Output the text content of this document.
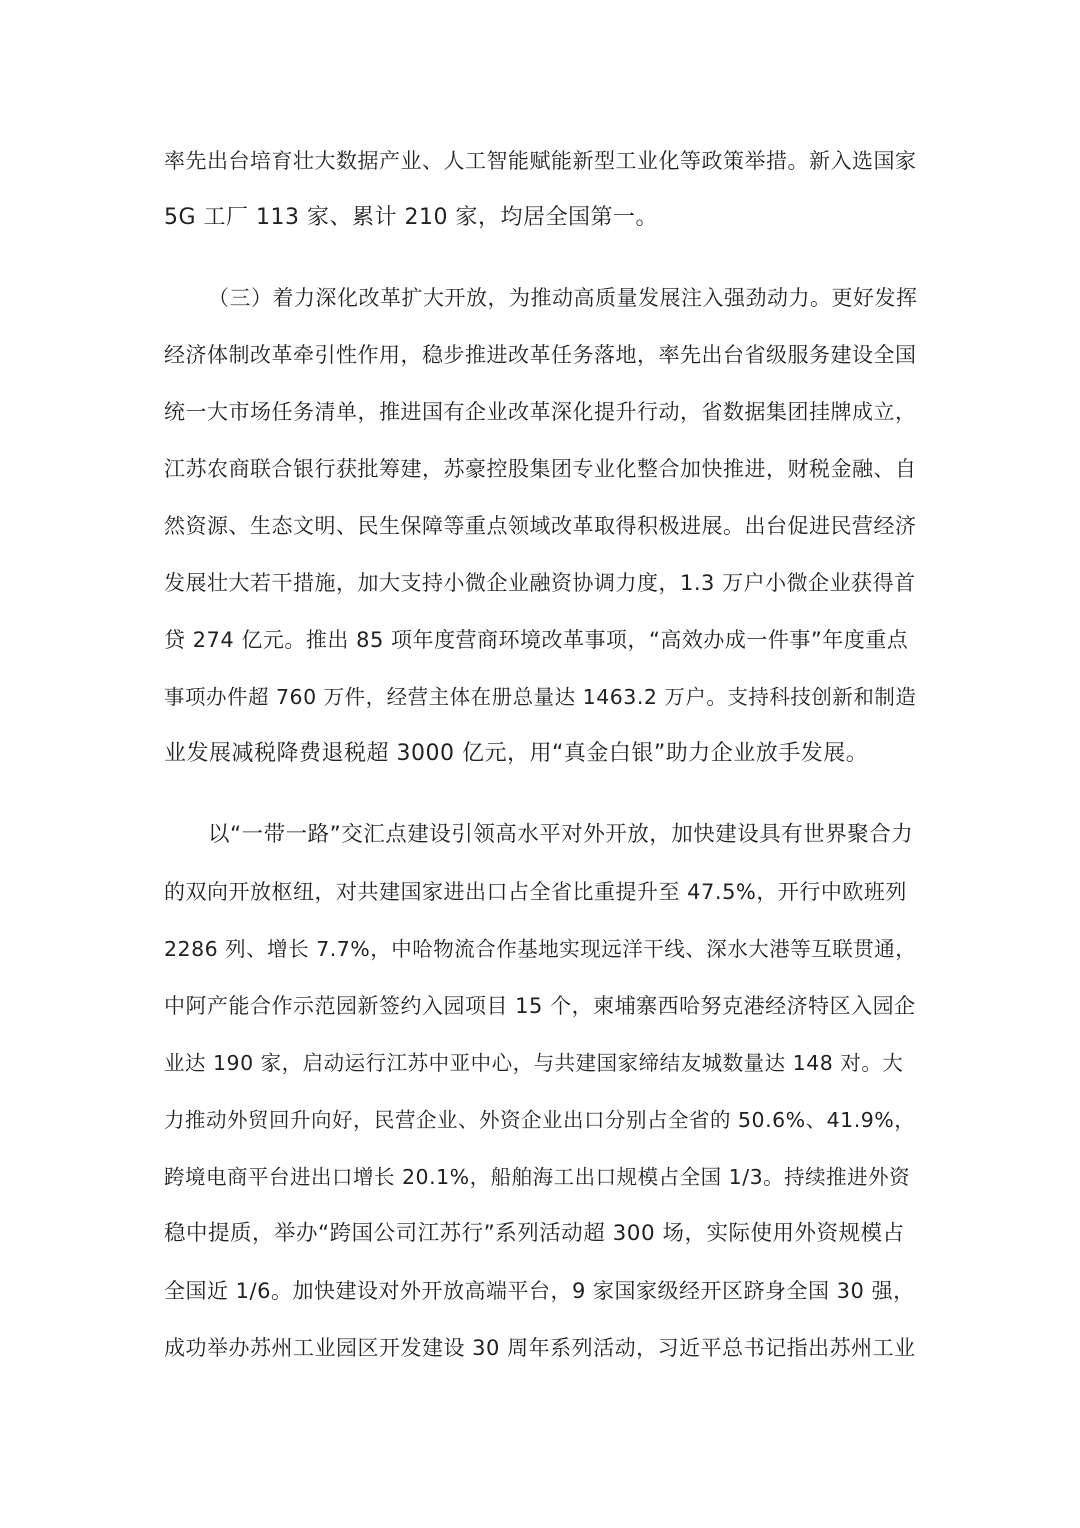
率先出台培育壮大数据产业、人工智能赋能新型工业化等政策举措。新入选国家
5G 工厂 113 家、累计 210 家，均居全国第一。
（三）着力深化改革扩大开放，为推动高质量发展注入强劲动力。更好发挥
经济体制改革牵引性作用，稳步推进改革任务落地，率先出台省级服务建设全国
统一大市场任务清单，推进国有企业改革深化提升行动，省数据集团挂牌成立，
江苏农商联合银行获批筹建，苏豪控股集团专业化整合加快推进，财税金融、自
然资源、生态文明、民生保障等重点领域改革取得积极进展。出台促进民营经济
发展壮大若干措施，加大支持小微企业融资协调力度，1.3 万户小微企业获得首
贷 274 亿元。推出 85 项年度营商环境改革事项，“高效办成一件事”年度重点
事项办件超 760 万件，经营主体在册总量达 1463.2 万户。支持科技创新和制造
业发展减税降费退税超 3000 亿元，用“真金白银”助力企业放手发展。
以“一带一路”交汇点建设引领高水平对外开放，加快建设具有世界聚合力
的双向开放枢纽，对共建国家进出口占全省比重提升至 47.5%，开行中欧班列
2286 列、增长 7.7%，中哈物流合作基地实现远洋干线、深水大港等互联贯通，
中阿产能合作示范园新签约入园项目 15 个，柬埔寨西哈努克港经济特区入园企
业达 190 家，启动运行江苏中亚中心，与共建国家缔结友城数量达 148 对。大
力推动外贸回升向好，民营企业、外资企业出口分别占全省的 50.6%、41.9%，
跨境电商平台进出口增长 20.1%，船舶海工出口规模占全国 1/3。持续推进外资
稳中提质，举办“跨国公司江苏行”系列活动超 300 场，实际使用外资规模占
全国近 1/6。加快建设对外开放高端平台，9 家国家级经开区跻身全国 30 强，
成功举办苏州工业园区开发建设 30 周年系列活动，习近平总书记指出苏州工业
